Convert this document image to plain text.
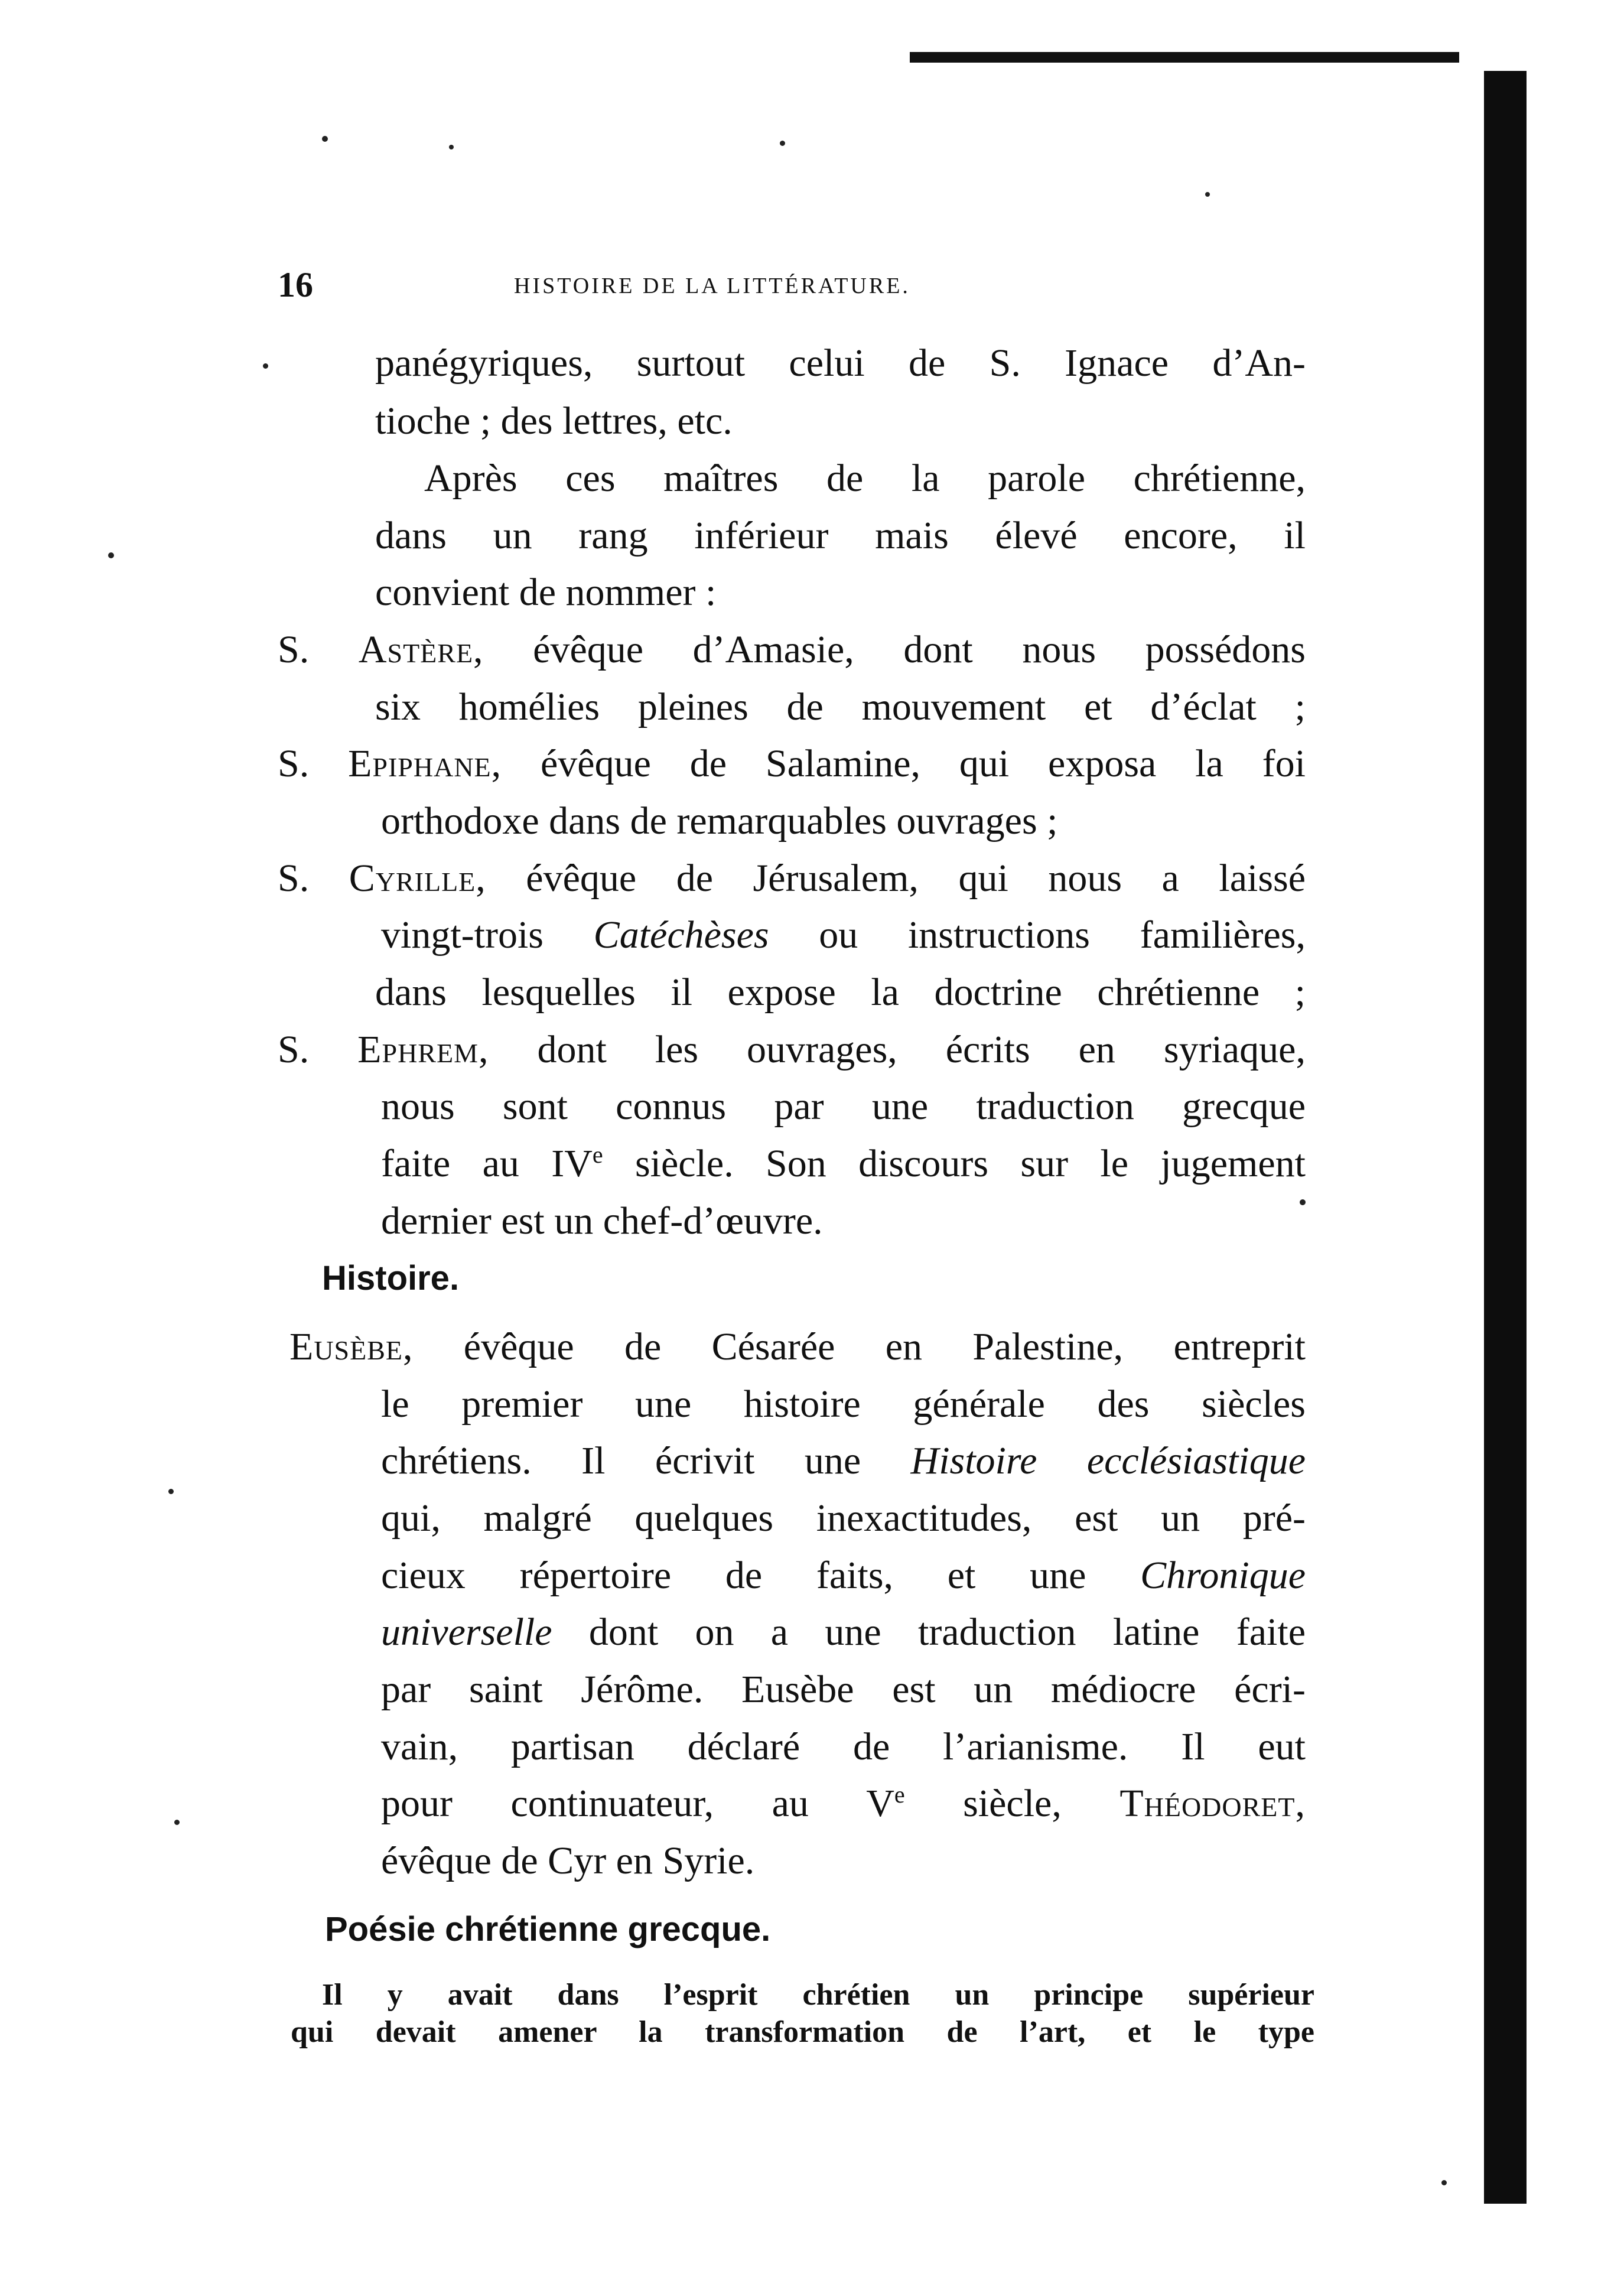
16	HISTOIRE DE LA LITTÉRATURE.
panégyriques, surtout celui de S. Ignace d’An-
tioche ; des lettres, etc.
Après ces maîtres de la parole chrétienne,
dans un rang inférieur mais élevé encore, il
convient de nommer :
S. Astère, évêque d’Amasie, dont nous possédons
six homélies pleines de mouvement et d’éclat ;
S. Epiphane, évêque de Salamine, qui exposa la foi
orthodoxe dans de remarquables ouvrages ;
S. Cyrille, évêque de Jérusalem, qui nous a laissé
vingt-trois Catéchèses ou instructions familières,
dans lesquelles il expose la doctrine chrétienne ;
S. Ephrem, dont les ouvrages, écrits en syriaque,
nous sont connus par une traduction grecque
faite au IVe siècle. Son discours sur le jugement
dernier est un chef-d’œuvre.
Histoire.
Eusèbe, évêque de Césarée en Palestine, entreprit
le premier une histoire générale des siècles
chrétiens. Il écrivit une Histoire ecclésiastique
qui, malgré quelques inexactitudes, est un pré-
cieux répertoire de faits, et une Chronique
universelle dont on a une traduction latine faite
par saint Jérôme. Eusèbe est un médiocre écri-
vain, partisan déclaré de l’arianisme. Il eut
pour continuateur, au Ve siècle, Théodoret,
évêque de Cyr en Syrie.
Poésie chrétienne grecque.
Il y avait dans l’esprit chrétien un principe supérieur
qui devait amener la transformation de l’art, et le type
